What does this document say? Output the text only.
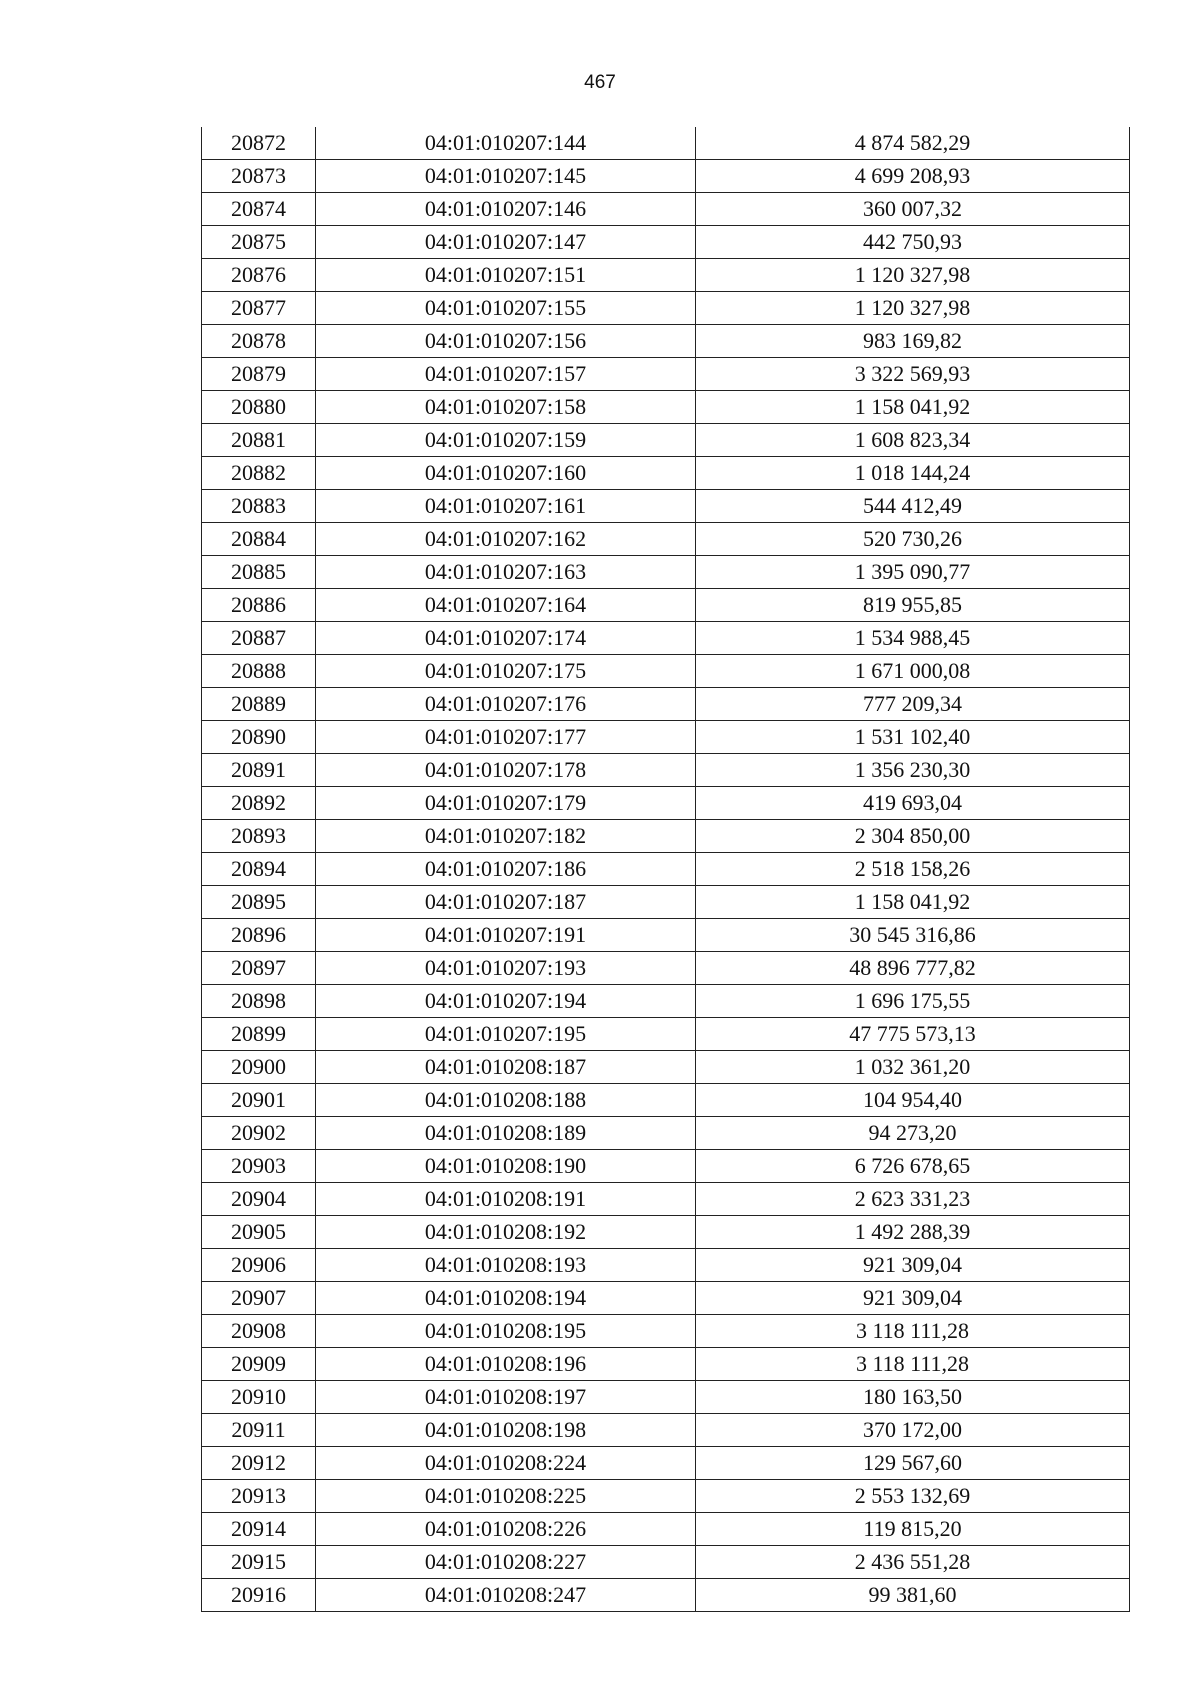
467
20872	04:01:010207:144	4 874 582,29
20873	04:01:010207:145	4 699 208,93
20874	04:01:010207:146	360 007,32
20875	04:01:010207:147	442 750,93
20876	04:01:010207:151	1 120 327,98
20877	04:01:010207:155	1 120 327,98
20878	04:01:010207:156	983 169,82
20879	04:01:010207:157	3 322 569,93
20880	04:01:010207:158	1 158 041,92
20881	04:01:010207:159	1 608 823,34
20882	04:01:010207:160	1 018 144,24
20883	04:01:010207:161	544 412,49
20884	04:01:010207:162	520 730,26
20885	04:01:010207:163	1 395 090,77
20886	04:01:010207:164	819 955,85
20887	04:01:010207:174	1 534 988,45
20888	04:01:010207:175	1 671 000,08
20889	04:01:010207:176	777 209,34
20890	04:01:010207:177	1 531 102,40
20891	04:01:010207:178	1 356 230,30
20892	04:01:010207:179	419 693,04
20893	04:01:010207:182	2 304 850,00
20894	04:01:010207:186	2 518 158,26
20895	04:01:010207:187	1 158 041,92
20896	04:01:010207:191	30 545 316,86
20897	04:01:010207:193	48 896 777,82
20898	04:01:010207:194	1 696 175,55
20899	04:01:010207:195	47 775 573,13
20900	04:01:010208:187	1 032 361,20
20901	04:01:010208:188	104 954,40
20902	04:01:010208:189	94 273,20
20903	04:01:010208:190	6 726 678,65
20904	04:01:010208:191	2 623 331,23
20905	04:01:010208:192	1 492 288,39
20906	04:01:010208:193	921 309,04
20907	04:01:010208:194	921 309,04
20908	04:01:010208:195	3 118 111,28
20909	04:01:010208:196	3 118 111,28
20910	04:01:010208:197	180 163,50
20911	04:01:010208:198	370 172,00
20912	04:01:010208:224	129 567,60
20913	04:01:010208:225	2 553 132,69
20914	04:01:010208:226	119 815,20
20915	04:01:010208:227	2 436 551,28
20916	04:01:010208:247	99 381,60
